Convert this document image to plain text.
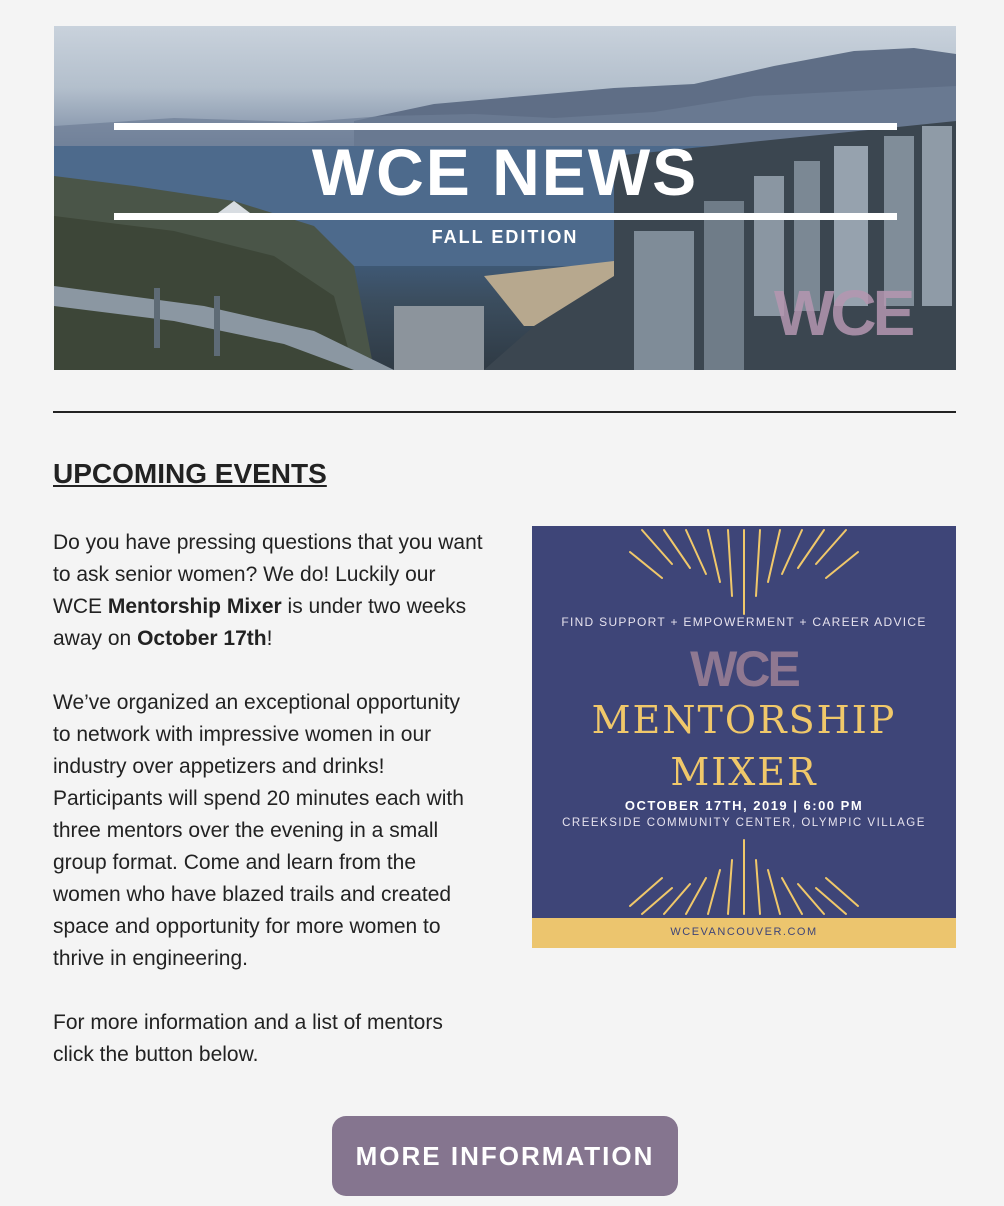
WCE NEWS
FALL EDITION
WCE
UPCOMING EVENTS

Do you have pressing questions that you want to ask senior women? We do! Luckily our WCE Mentorship Mixer is under two weeks away on October 17th!

We’ve organized an exceptional opportunity to network with impressive women in our industry over appetizers and drinks! Participants will spend 20 minutes each with three mentors over the evening in a small group format. Come and learn from the women who have blazed trails and created space and opportunity for more women to thrive in engineering.

For more information and a list of mentors click the button below.

FIND SUPPORT + EMPOWERMENT + CAREER ADVICE
WCE
MENTORSHIP
MIXER
OCTOBER 17TH, 2019 | 6:00 PM
CREEKSIDE COMMUNITY CENTER, OLYMPIC VILLAGE
WCEVANCOUVER.COM
MORE INFORMATION
